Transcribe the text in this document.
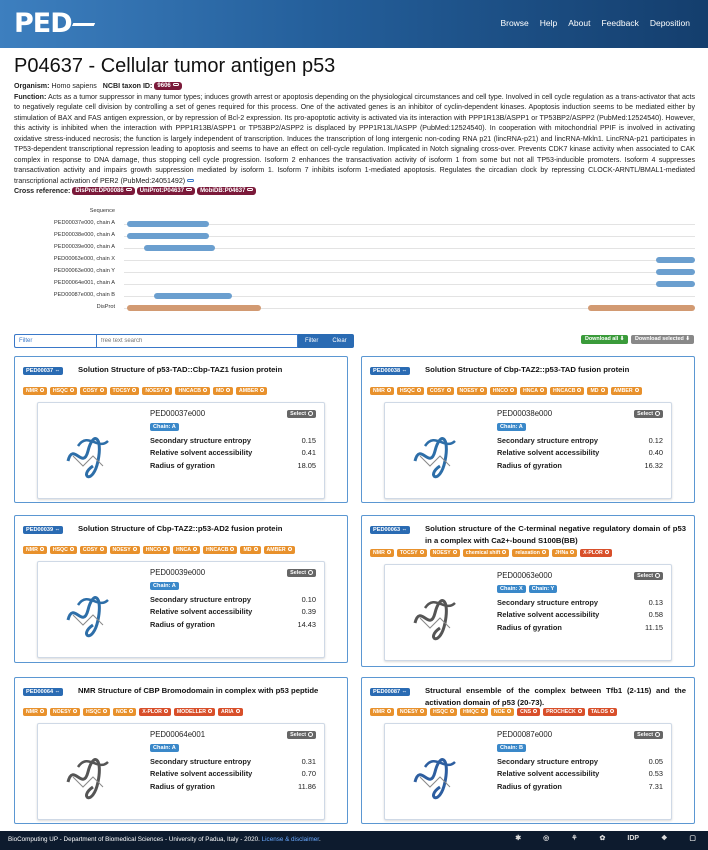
PED	Browse Help About Feedback Deposition
P04637 - Cellular tumor antigen p53
Organism: Homo sapiens NCBI taxon ID: 9606
Function: Acts as a tumor suppressor in many tumor types; induces growth arrest or apoptosis depending on the physiological circumstances and cell type. Involved in cell cycle regulation as a trans-activator that acts to negatively regulate cell division by controlling a set of genes required for this process. One of the activated genes is an inhibitor of cyclin-dependent kinases. Apoptosis induction seems to be mediated either by stimulation of BAX and FAS antigen expression, or by repression of Bcl-2 expression. Its pro-apoptotic activity is activated via its interaction with PPP1R13B/ASPP1 or TP53BP2/ASPP2 (PubMed:12524540). However, this activity is inhibited when the interaction with PPP1R13B/ASPP1 or TP53BP2/ASPP2 is displaced by PPP1R13L/IASPP (PubMed:12524540). In cooperation with mitochondrial PPIF is involved in activating oxidative stress-induced necrosis; the function is largely independent of transcription. Induces the transcription of long intergenic non-coding RNA p21 (lincRNA-p21) and lincRNA-Mkln1. LincRNA-p21 participates in TP53-dependent transcriptional repression leading to apoptosis and seems to have an effect on cell-cycle regulation. Implicated in Notch signaling cross-over. Prevents CDK7 kinase activity when associated to CAK complex in response to DNA damage, thus stopping cell cycle progression. Isoform 2 enhances the transactivation activity of isoform 1 from some but not all TP53-inducible promoters. Isoform 4 suppresses transactivation activity and impairs growth suppression mediated by isoform 1. Isoform 7 inhibits isoform 1-mediated apoptosis. Regulates the circadian clock by repressing CLOCK-ARNTL/BMAL1-mediated transcriptional activation of PER2 (PubMed:24051492)
Cross reference: DisProt:DP00086	UniProt:P04637	MobiDB:P04637
Sequence
PED00037e000, chain A
PED00038e000, chain A
PED00039e000, chain A
PED00063e000, chain X
PED00063e000, chain Y
PED00064e001, chain A
PED00087e000, chain B
DisProt
Filter
free text search	Filter	Clear	Download all ⬇	Download selected ⬇
PED00037 ⇔	Solution Structure of p53-TAD::Cbp-TAZ1 fusion protein
NMR	HSQC	COSY	TOCSY	NOESY	HNCACB	MD	AMBER
PED00037e000	Select
Chain: A
Secondary structure entropy	0.15
Relative solvent accessibility	0.41
Radius of gyration	18.05
PED00038 ⇔	Solution Structure of Cbp-TAZ2::p53-TAD fusion protein
NMR	HSQC	COSY	NOESY	HNCO	HNCA	HNCACB	MD	AMBER
PED00038e000	Select
Chain: A
Secondary structure entropy	0.12
Relative solvent accessibility	0.40
Radius of gyration	16.32
PED00039 ⇔	Solution Structure of Cbp-TAZ2::p53-AD2 fusion protein
NMR	HSQC	COSY	NOESY	HNCO	HNCA	HNCACB	MD	AMBER
PED00039e000	Select
Chain: A
Secondary structure entropy	0.10
Relative solvent accessibility	0.39
Radius of gyration	14.43
PED00063 ⇔	Solution structure of the C-terminal negative regulatory domain of p53 in a complex with Ca2+-bound S100B(BB)
NMR	TOCSY	NOESY	chemical shift	relaxation	JHNa	X-PLOR
PED00063e000	Select
Chain: X	Chain: Y
Secondary structure entropy	0.13
Relative solvent accessibility	0.58
Radius of gyration	11.15
PED00064 ⇔	NMR Structure of CBP Bromodomain in complex with p53 peptide
NMR	NOESY	HSQC	NOE	X-PLOR	MODELLER	ARIA
PED00064e001	Select
Chain: A
Secondary structure entropy	0.31
Relative solvent accessibility	0.70
Radius of gyration	11.86
PED00087 ⇔	Structural ensemble of the complex between Tfb1 (2-115) and the activation domain of p53 (20-73).
NMR	NOESY	HSQC	HMQC	NOE	CNS	PROCHECK	TALOS
PED00087e000	Select
Chain: B
Secondary structure entropy	0.05
Relative solvent accessibility	0.53
Radius of gyration	7.31
BioComputing UP - Department of Biomedical Sciences - University of Padua, Italy - 2020. License & disclaimer.	✱	◎	⚘	✿	IDP	❖	▢
